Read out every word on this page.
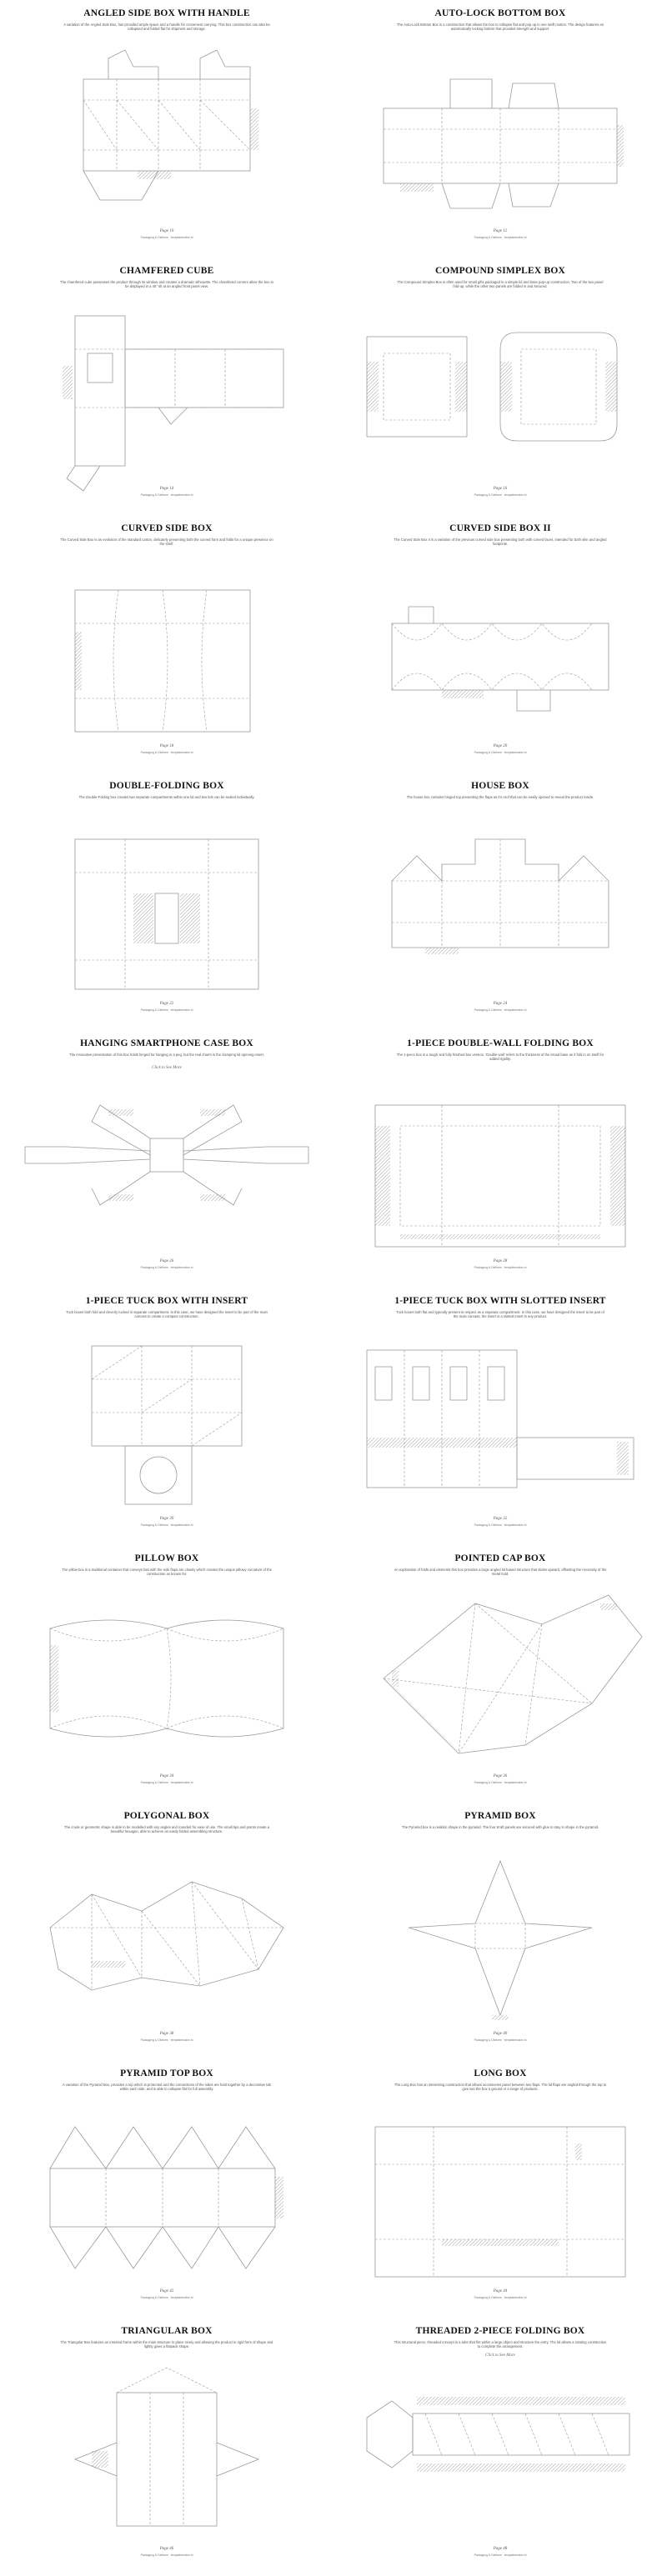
ANGLED SIDE BOX WITH HANDLE
A variation of the Angled Side Box, has provided ample space and a handle for convenient carrying. This box construction can also be collapsed and folded flat for shipment and storage.
Page 10
Packaging & Dielines · templatemaker.nl
AUTO-LOCK BOTTOM BOX
The Auto-Lock Bottom Box is a construction that allows the box to collapse flat and pop up in one swift motion. The design features an automatically locking bottom that provides strength and support.
Page 12
Packaging & Dielines · templatemaker.nl
CHAMFERED CUBE
The chamfered cube possesses the product through its window and creates a dramatic silhouette. The chamfered corners allow the box to be displayed in a 45° tilt at an angled front panel view.
Page 14
Packaging & Dielines · templatemaker.nl
COMPOUND SIMPLEX BOX
The Compound Simplex Box is often used for small gifts packaged in a simple lid and base pop-up construction. Two of the two panel fold-up, while the other two panels are folded in and secured.
Page 16
Packaging & Dielines · templatemaker.nl
CURVED SIDE BOX
The Curved Side Box is an evolution of the standard carton, delicately presenting both the curved form and folds for a unique presence on the shelf.
Page 18
Packaging & Dielines · templatemaker.nl
CURVED SIDE BOX II
The Curved Side Box II is a variation of the previous curved side box presenting both with curved faces, intended for both slim and angled footprints.
Page 20
Packaging & Dielines · templatemaker.nl
DOUBLE-FOLDING BOX
The Double-Folding box creates two separate compartments within one lid and two lids can be sealed individually.
Page 22
Packaging & Dielines · templatemaker.nl
HOUSE BOX
The house box contains hinged top presenting the flaps as it's roof that can be easily opened to reveal the product inside.
Page 24
Packaging & Dielines · templatemaker.nl
HANGING SMARTPHONE CASE BOX
The innovative presentation of this box holds hinged for hanging in a peg, but the real charm is the clamping lid opening insert.
Click to See More
Page 26
Packaging & Dielines · templatemaker.nl
1-PIECE DOUBLE-WALL FOLDING BOX
The 1-piece box is a tough and fully finished box version. 'Double wall' refers to the thickness of the broad base as it fold in on itself for added rigidity.
Page 28
Packaging & Dielines · templatemaker.nl
1-PIECE TUCK BOX WITH INSERT
Tuck boxes both fold and cleverly tucked in separate compartment. In this case, we have designed the insert to be part of the main carcass to create a compact construction.
Page 30
Packaging & Dielines · templatemaker.nl
1-PIECE TUCK BOX WITH SLOTTED INSERT
Tuck boxes both flat and typically present to respect as a separate compartment. In this case, we have designed the insert to be part of the main carcass, the insert is a slotted insert in any product.
Page 32
Packaging & Dielines · templatemaker.nl
PILLOW BOX
The pillow box is a traditional container that conveys fast with the side flaps are closely which creates the unique pillowy curvature of the construction as known for.
Page 34
Packaging & Dielines · templatemaker.nl
POINTED CAP BOX
An exploration of folds and elements this box provides a large angled lid based structure that slides upward, offsetting the necessity of the metal hold.
Page 36
Packaging & Dielines · templatemaker.nl
POLYGONAL BOX
The crude or geometric shape is able to be modelled with any angles and rounded for ease of use. The small tips and points create a beautiful hexagon, able to achieve an easily folded assembling structure.
Page 38
Packaging & Dielines · templatemaker.nl
PYRAMID BOX
The Pyramid box is a realistic shape in the pyramid. The four Kraft panels are secured with glue to stay in shape in the pyramid.
Page 40
Packaging & Dielines · templatemaker.nl
PYRAMID TOP BOX
A variation of the Pyramid Box, provides a top which is protected and the connections of the sides are held together by a decorative tab within each side, and is able to collapse flat for full assembly.
Page 42
Packaging & Dielines · templatemaker.nl
LONG BOX
The Long Box has an interesting construction that allows accessories panel between two flaps. The lid flaps are angled through the top to give two the box a ground or a range of products.
Page 44
Packaging & Dielines · templatemaker.nl
TRIANGULAR BOX
The Triangular Box features an inserted frame within the main structure to place nicely and allowing the product in rigid form of shape and lightly gives a flatpack shape.
Page 46
Packaging & Dielines · templatemaker.nl
THREADED 2-PIECE FOLDING BOX
This structural piece, threaded concept is a tube that fits within a large object and structure the entry. The lid allows a rotating construction to complete the arrangement.
Click to See More
Page 48
Packaging & Dielines · templatemaker.nl
